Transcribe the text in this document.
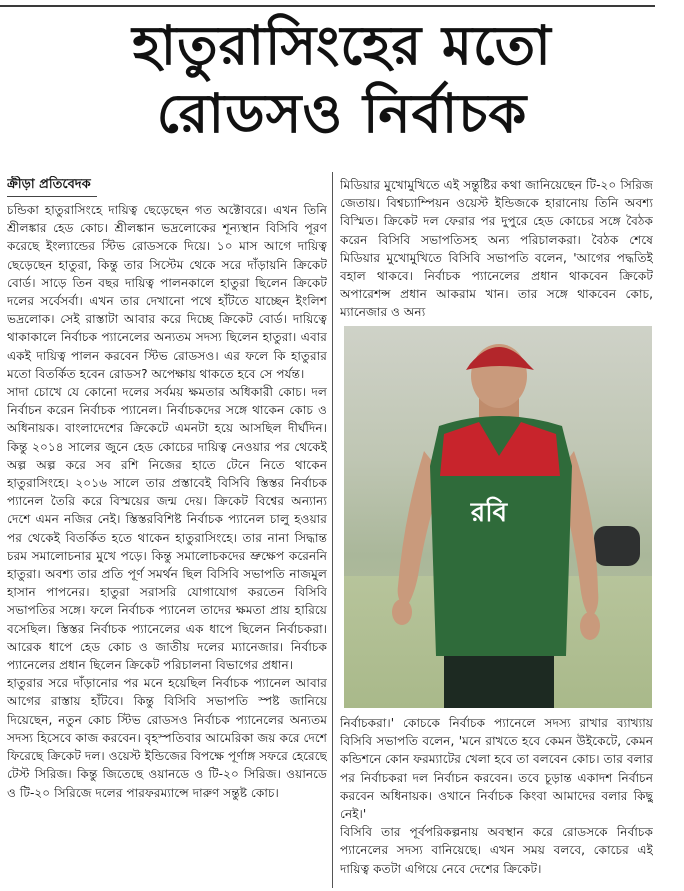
হাতুরাসিংহের মতো
রোডসও নির্বাচক

ক্রীড়া প্রতিবেদক

চন্ডিকা হাতুরাসিংহে দায়িত্ব ছেড়েছেন গত অক্টোবরে। এখন তিনি শ্রীলঙ্কার হেড কোচ। শ্রীলঙ্কান ভদ্রলোকের শূন্যস্থান বিসিবি পূরণ করেছে ইংল্যান্ডের স্টিভ রোডসকে দিয়ে। ১০ মাস আগে দায়িত্ব ছেড়েছেন হাতুরা, কিন্তু তার সিস্টেম থেকে সরে দাঁড়ায়নি ক্রিকেট বোর্ড। সাড়ে তিন বছর দায়িত্ব পালনকালে হাতুরা ছিলেন ক্রিকেট দলের সর্বেসর্বা। এখন তার দেখানো পথে হাঁটতে যাচ্ছেন ইংলিশ ভদ্রলোক। সেই রাস্তাটা আবার করে দিচ্ছে ক্রিকেট বোর্ড। দায়িত্বে থাকাকালে নির্বাচক প্যানেলের অন্যতম সদস্য ছিলেন হাতুরা। এবার একই দায়িত্ব পালন করবেন স্টিভ রোডসও। এর ফলে কি হাতুরার মতো বিতর্কিত হবেন রোডস? অপেক্ষায় থাকতে হবে সে পর্যন্ত।

সাদা চোখে যে কোনো দলের সর্বময় ক্ষমতার অধিকারী কোচ। দল নির্বাচন করেন নির্বাচক প্যানেল। নির্বাচকদের সঙ্গে থাকেন কোচ ও অধিনায়ক। বাংলাদেশের ক্রিকেটে এমনটা হয়ে আসছিল দীর্ঘদিন। কিন্তু ২০১৪ সালের জুনে হেড কোচের দায়িত্ব নেওয়ার পর থেকেই অল্প অল্প করে সব রশি নিজের হাতে টেনে নিতে থাকেন হাতুরাসিংহে। ২০১৬ সালে তার প্রস্তাবেই বিসিবি স্তিস্তর নির্বাচক প্যানেল তৈরি করে বিস্ময়ের জন্ম দেয়। ক্রিকেট বিশ্বের অন্যান্য দেশে এমন নজির নেই। স্তিস্তরবিশিষ্ট নির্বাচক প্যানেল চালু হওয়ার পর থেকেই বিতর্কিত হতে থাকেন হাতুরাসিংহে। তার নানা সিদ্ধান্ত চরম সমালোচনার মুখে পড়ে। কিন্তু সমালোচকদের ভ্রুক্ষেপ করেননি হাতুরা। অবশ্য তার প্রতি পূর্ণ সমর্থন ছিল বিসিবি সভাপতি নাজমুল হাসান পাপনের। হাতুরা সরাসরি যোগাযোগ করতেন বিসিবি সভাপতির সঙ্গে। ফলে নির্বাচক প্যানেল তাদের ক্ষমতা প্রায় হারিয়ে বসেছিল। স্তিস্তর নির্বাচক প্যানেলের এক ধাপে ছিলেন নির্বাচকরা। আরেক ধাপে হেড কোচ ও জাতীয় দলের ম্যানেজার। নির্বাচক প্যানেলের প্রধান ছিলেন ক্রিকেট পরিচালনা বিভাগের প্রধান।

হাতুরার সরে দাঁড়ানোর পর মনে হয়েছিল নির্বাচক প্যানেল আবার আগের রাস্তায় হাঁটবে। কিন্তু বিসিবি সভাপতি স্পষ্ট জানিয়ে দিয়েছেন, নতুন কোচ স্টিভ রোডসও নির্বাচক প্যানেলের অন্যতম সদস্য হিসেবে কাজ করবেন। বৃহস্পতিবার আমেরিকা জয় করে দেশে ফিরেছে ক্রিকেট দল। ওয়েস্ট ইন্ডিজের বিপক্ষে পূর্ণাঙ্গ সফরে হেরেছে টেস্ট সিরিজ। কিন্তু জিতেছে ওয়ানডে ও টি-২০ সিরিজ। ওয়ানডে ও টি-২০ সিরিজে দলের পারফরম্যান্সে দারুণ সন্তুষ্ট কোচ।

মিডিয়ার মুখোমুখিতে এই সন্তুষ্টির কথা জানিয়েছেন টি-২০ সিরিজ জেতায়। বিশ্বচ্যাম্পিয়ন ওয়েস্ট ইন্ডিজকে হারানোয় তিনি অবশ্য বিস্মিত। ক্রিকেট দল ফেরার পর দুপুরে হেড কোচের সঙ্গে বৈঠক করেন বিসিবি সভাপতিসহ অন্য পরিচালকরা। বৈঠক শেষে মিডিয়ার মুখোমুখিতে বিসিবি সভাপতি বলেন, 'আগের পদ্ধতিই বহাল থাকবে। নির্বাচক প্যানেলের প্রধান থাকবেন ক্রিকেট অপারেশন্স প্রধান আকরাম খান। তার সঙ্গে থাকবেন কোচ, ম্যানেজার ও অন্য

রবি

নির্বাচকরা।' কোচকে নির্বাচক প্যানেলে সদস্য রাখার ব্যাখ্যায় বিসিবি সভাপতি বলেন, 'মনে রাখতে হবে কেমন উইকেটে, কেমন কন্ডিশনে কোন ফরম্যাটের খেলা হবে তা বলবেন কোচ। তার বলার পর নির্বাচকরা দল নির্বাচন করবেন। তবে চূড়ান্ত একাদশ নির্বাচন করবেন অধিনায়ক। ওখানে নির্বাচক কিংবা আমাদের বলার কিছু নেই।'

বিসিবি তার পূর্বপরিকল্পনায় অবস্থান করে রোডসকে নির্বাচক প্যানেলের সদস্য বানিয়েছে। এখন সময় বলবে, কোচের এই দায়িত্ব কতটা এগিয়ে নেবে দেশের ক্রিকেট।
